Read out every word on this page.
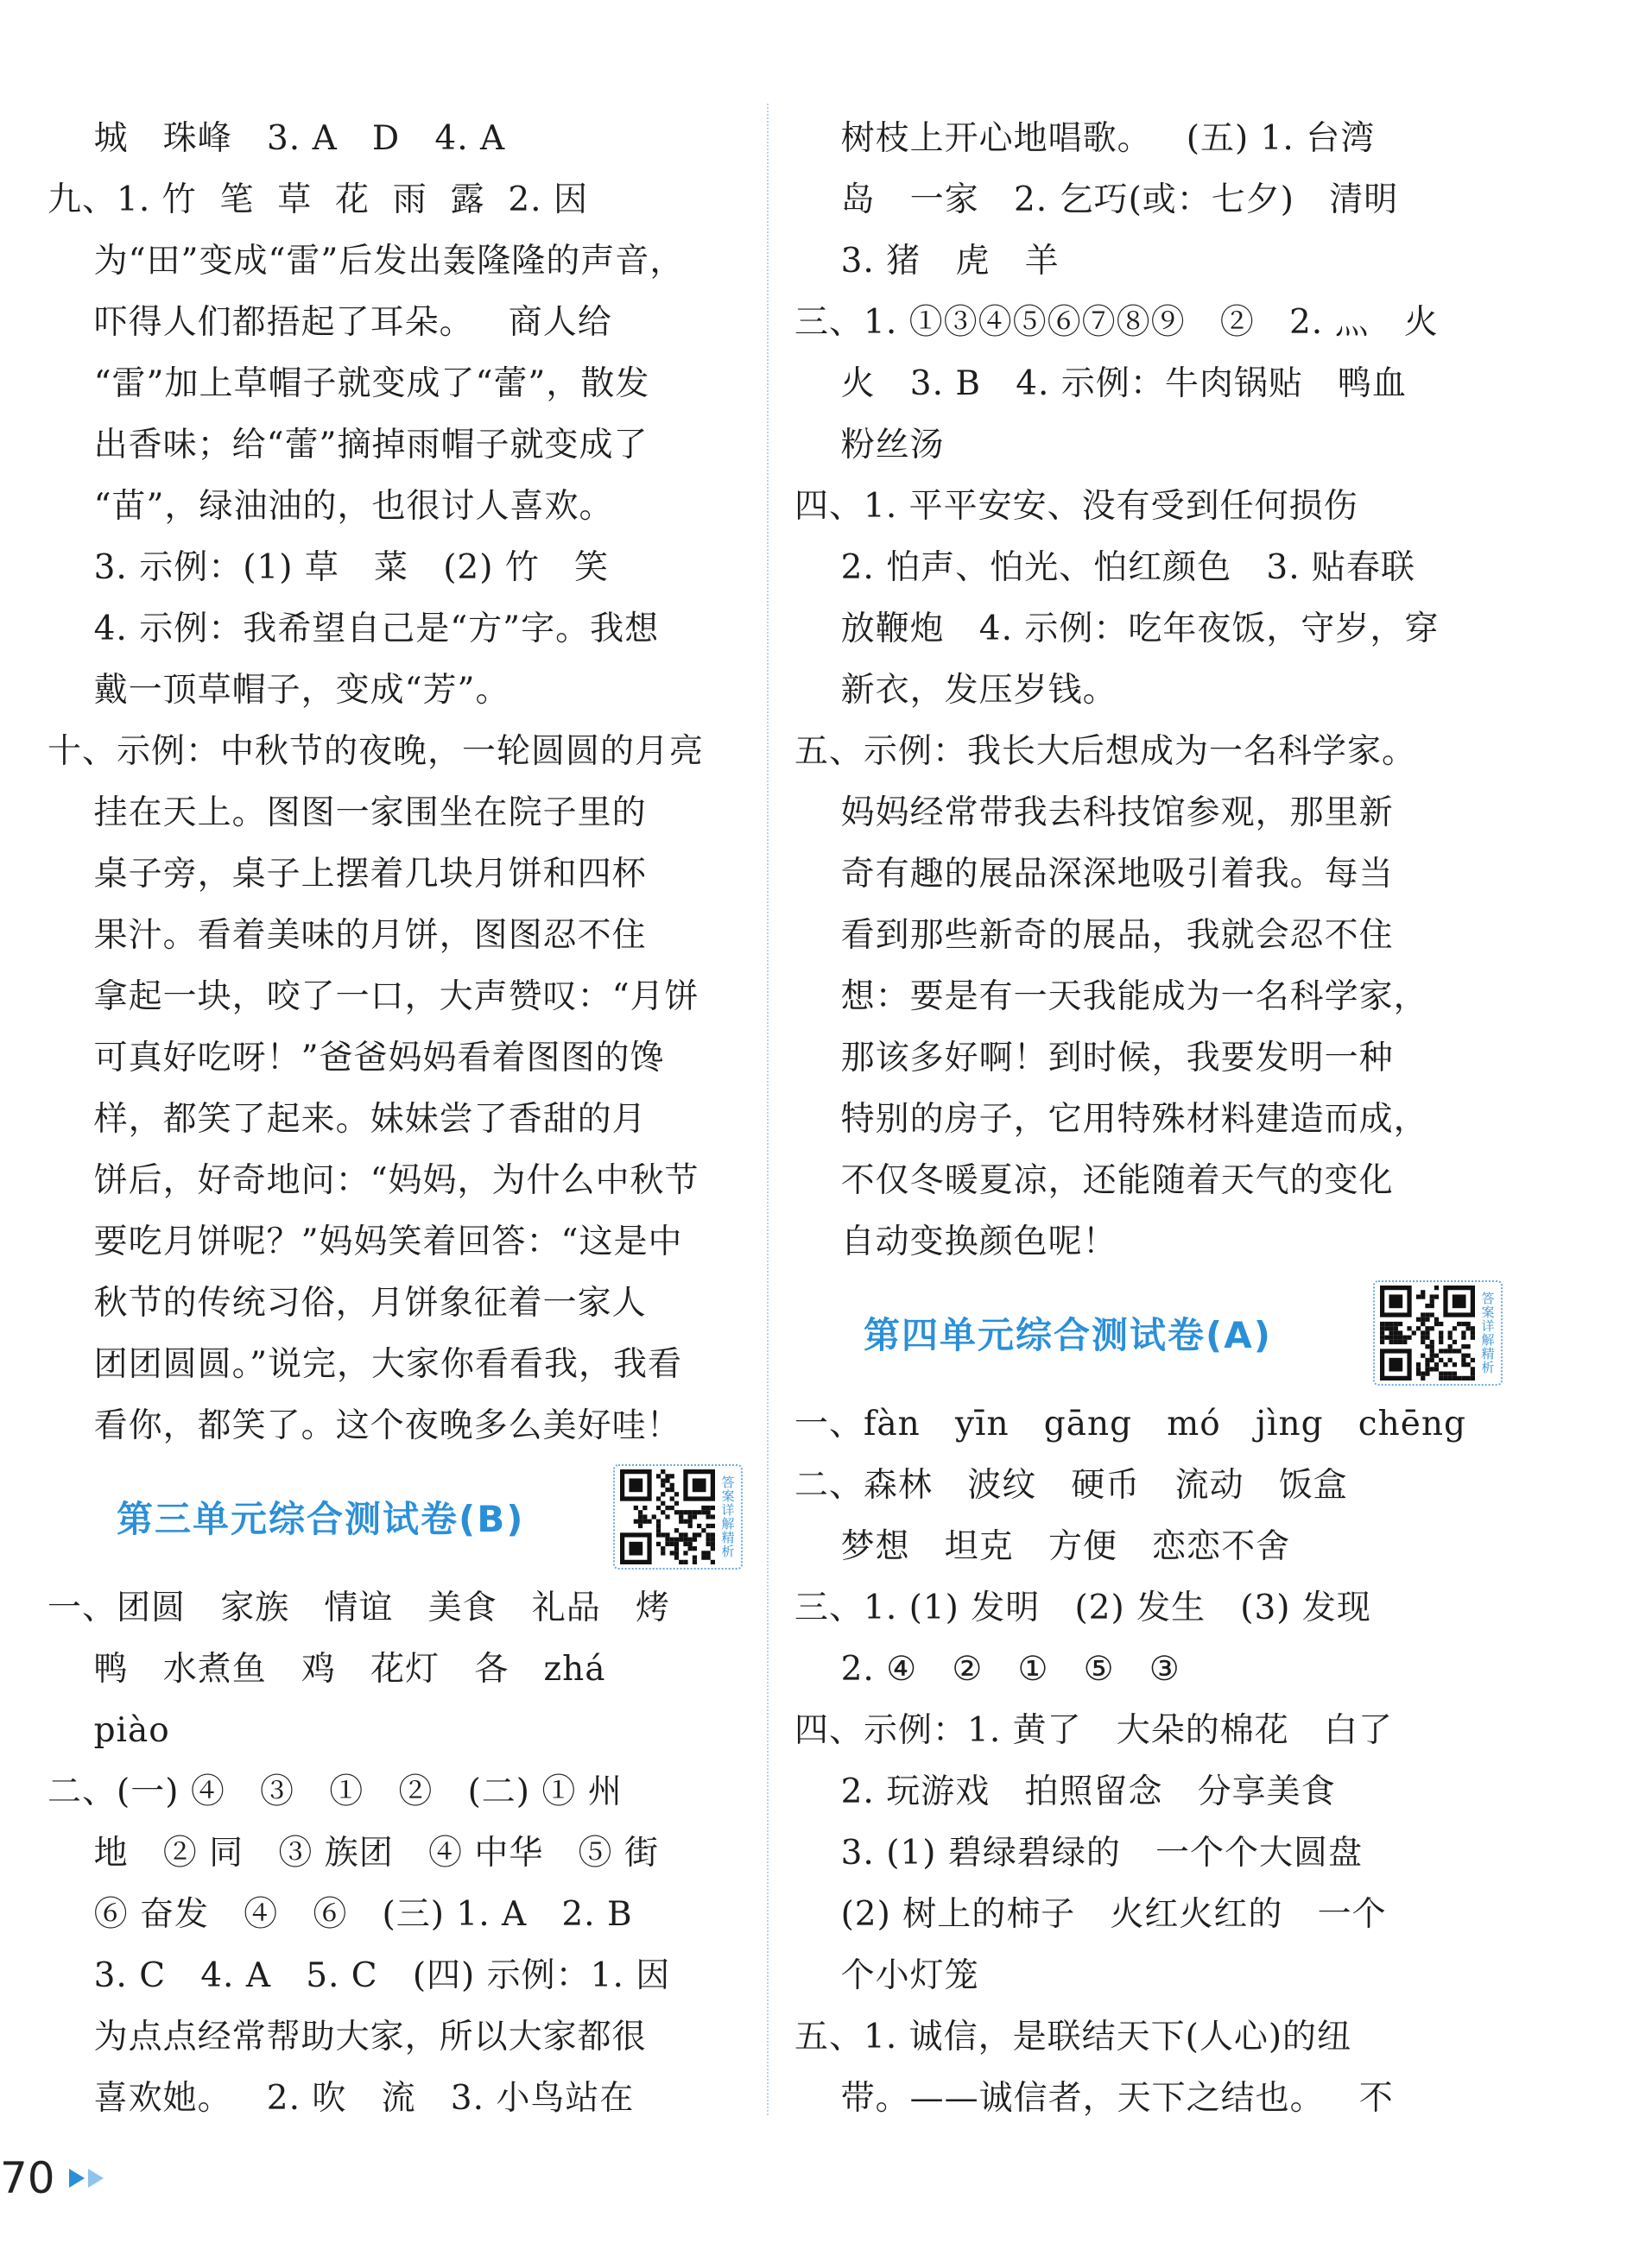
城   珠峰   3. A   D   4. A
九、1. 竹  笔  草  花  雨  露  2. 因
为“田”变成“雷”后发出轰隆隆的声音，
吓得人们都捂起了耳朵。   商人给
“雷”加上草帽子就变成了“蕾”，散发
出香味；给“蕾”摘掉雨帽子就变成了
“苗”，绿油油的，也很讨人喜欢。
3. 示例：(1) 草   菜   (2) 竹   笑
4. 示例：我希望自己是“方”字。我想
戴一顶草帽子，变成“芳”。
十、示例：中秋节的夜晚，一轮圆圆的月亮
挂在天上。图图一家围坐在院子里的
桌子旁，桌子上摆着几块月饼和四杯
果汁。看着美味的月饼，图图忍不住
拿起一块，咬了一口，大声赞叹：“月饼
可真好吃呀！”爸爸妈妈看着图图的馋
样，都笑了起来。妹妹尝了香甜的月
饼后，好奇地问：“妈妈，为什么中秋节
要吃月饼呢？”妈妈笑着回答：“这是中
秋节的传统习俗，月饼象征着一家人
团团圆圆。”说完，大家你看看我，我看
看你，都笑了。这个夜晚多么美好哇！
第三单元综合测试卷(B)
答案详解精析
一、团圆   家族   情谊   美食   礼品   烤
鸭   水煮鱼   鸡   花灯   各   zhá
piào
二、(一) ④   ③   ①   ②   (二) ① 州
地   ② 同   ③ 族团   ④ 中华   ⑤ 街
⑥ 奋发   ④   ⑥   (三) 1. A   2. B
3. C   4. A   5. C   (四) 示例：1. 因
为点点经常帮助大家，所以大家都很
喜欢她。   2. 吹   流   3. 小鸟站在
树枝上开心地唱歌。   (五) 1. 台湾
岛   一家   2. 乞巧(或：七夕)   清明
3. 猪   虎   羊
三、1. ①③④⑤⑥⑦⑧⑨   ②   2. 灬   火
火   3. B   4. 示例：牛肉锅贴   鸭血
粉丝汤
四、1. 平平安安、没有受到任何损伤
2. 怕声、怕光、怕红颜色   3. 贴春联
放鞭炮   4. 示例：吃年夜饭，守岁，穿
新衣，发压岁钱。
五、示例：我长大后想成为一名科学家。
妈妈经常带我去科技馆参观，那里新
奇有趣的展品深深地吸引着我。每当
看到那些新奇的展品，我就会忍不住
想：要是有一天我能成为一名科学家，
那该多好啊！到时候，我要发明一种
特别的房子，它用特殊材料建造而成，
不仅冬暖夏凉，还能随着天气的变化
自动变换颜色呢！
第四单元综合测试卷(A)
答案详解精析
一、fàn   yīn   gāng   mó   jìng   chēng
二、森林   波纹   硬币   流动   饭盒
梦想   坦克   方便   恋恋不舍
三、1. (1) 发明   (2) 发生   (3) 发现
2. ④   ②   ①   ⑤   ③
四、示例：1. 黄了   大朵的棉花   白了
2. 玩游戏   拍照留念   分享美食
3. (1) 碧绿碧绿的   一个个大圆盘
(2) 树上的柿子   火红火红的   一个
个小灯笼
五、1. 诚信，是联结天下(人心)的纽
带。——诚信者，天下之结也。   不
70
